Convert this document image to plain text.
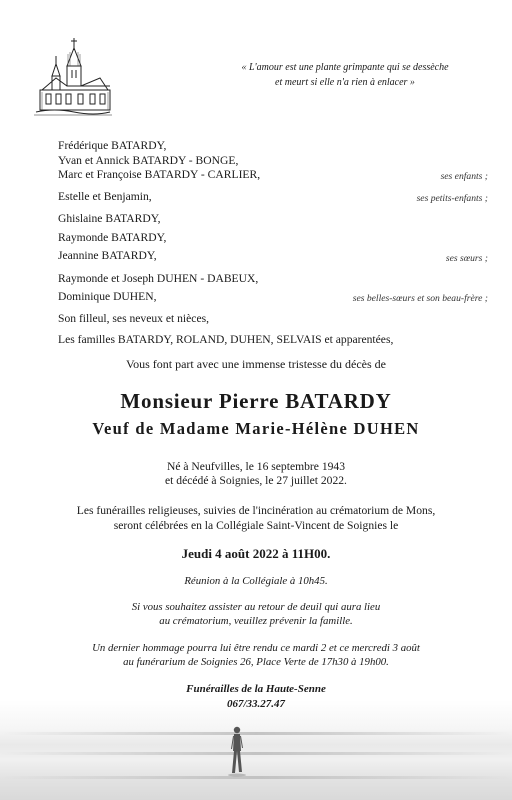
« L'amour est une plante grimpante qui se dessèche
et meurt si elle n'a rien à enlacer »
Frédérique BATARDY,
Yvan et Annick BATARDY - BONGE,
Marc et Françoise BATARDY - CARLIER,	ses enfants ;
Estelle et Benjamin,	ses petits-enfants ;
Ghislaine BATARDY,
Raymonde BATARDY,
Jeannine BATARDY,	ses sœurs ;
Raymonde et Joseph DUHEN - DABEUX,
Dominique DUHEN,	ses belles-sœurs et son beau-frère ;
Son filleul, ses neveux et nièces,
Les familles BATARDY, ROLAND, DUHEN, SELVAIS et apparentées,
Vous font part avec une immense tristesse du décès de
Monsieur Pierre BATARDY
Veuf de Madame Marie-Hélène DUHEN
Né à Neufvilles, le 16 septembre 1943
et décédé à Soignies, le 27 juillet 2022.
Les funérailles religieuses, suivies de l'incinération au crématorium de Mons,
seront célébrées en la Collégiale Saint-Vincent de Soignies le
Jeudi 4 août 2022 à 11H00.
Réunion à la Collégiale à 10h45.
Si vous souhaitez assister au retour de deuil qui aura lieu
au crématorium, veuillez prévenir la famille.
Un dernier hommage pourra lui être rendu ce mardi 2 et ce mercredi 3 août
au funérarium de Soignies 26, Place Verte de 17h30 à 19h00.
Funérailles de la Haute-Senne
067/33.27.47
